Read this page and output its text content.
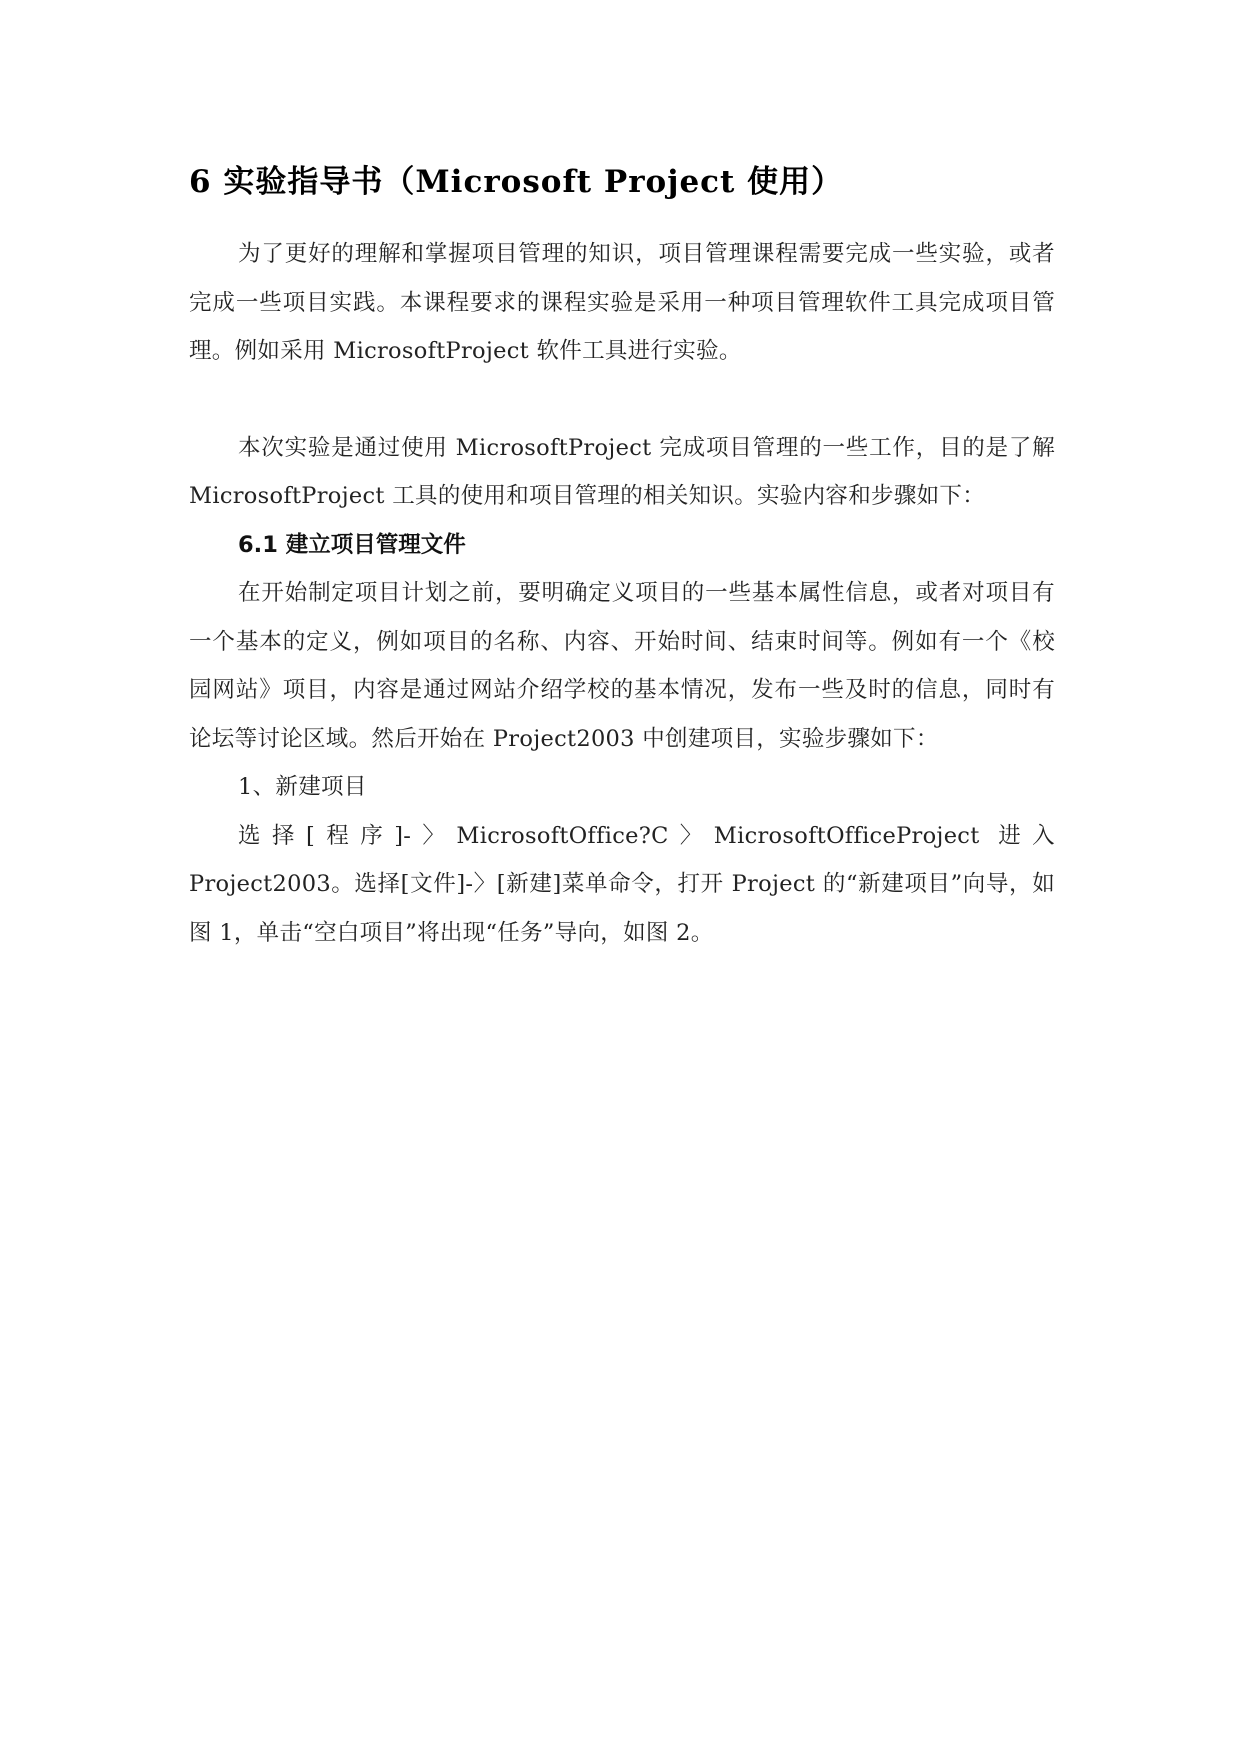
6 实验指导书（Microsoft Project 使用）

为了更好的理解和掌握项目管理的知识，项目管理课程需要完成一些实验，或者完成一些项目实践。本课程要求的课程实验是采用一种项目管理软件工具完成项目管理。例如采用 MicrosoftProject 软件工具进行实验。

本次实验是通过使用 MicrosoftProject 完成项目管理的一些工作，目的是了解 MicrosoftProject 工具的使用和项目管理的相关知识。实验内容和步骤如下：

6.1 建立项目管理文件

在开始制定项目计划之前，要明确定义项目的一些基本属性信息，或者对项目有一个基本的定义，例如项目的名称、内容、开始时间、结束时间等。例如有一个《校园网站》项目，内容是通过网站介绍学校的基本情况，发布一些及时的信息，同时有论坛等讨论区域。然后开始在 Project2003 中创建项目，实验步骤如下：

1、新建项目

选择[程序]-〉MicrosoftOffice?C〉MicrosoftOfficeProject 进入 Project2003。选择[文件]-〉[新建]菜单命令，打开 Project 的“新建项目”向导，如图 1，单击“空白项目”将出现“任务”导向，如图 2。
